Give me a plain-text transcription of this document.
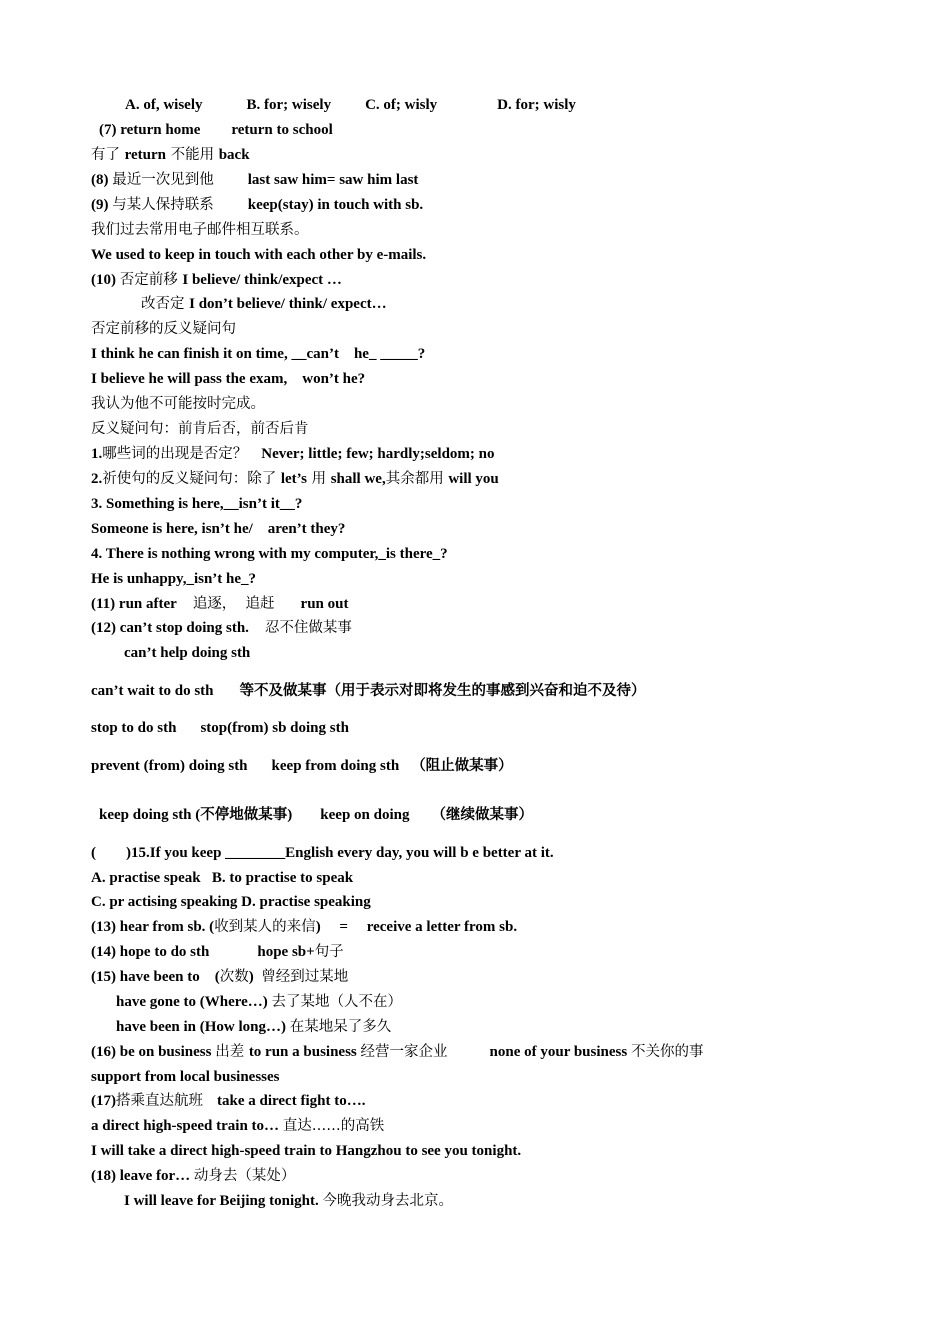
A. of, wisely	B. for; wisely C. of; wisly	D. for; wisly
(7) return home return to school
有了 return 不能用 back
(8) 最近一次见到他 last saw him= saw him last
(9) 与某人保持联系 keep(stay) in touch with sb.
我们过去常用电子邮件相互联系。
We used to keep in touch with each other by e-mails.
(10) 否定前移 I believe/ think/expect …
改否定 I don’t believe/ think/ expect…
否定前移的反义疑问句
I think he can finish it on time, __can’t    he_ _____?
I believe he will pass the exam,    won’t he?
我认为他不可能按时完成。
反义疑问句：前肯后否，前否后肯
1.哪些词的出现是否定？ Never; little; few; hardly;seldom; no
2.祈使句的反义疑问句：除了 let’s 用 shall we,其余都用 will you
3. Something is here,__isn’t it__?
Someone is here, isn’t he/    aren’t they?
4. There is nothing wrong with my computer,_is there_?
He is unhappy,_isn’t he_?
(11) run after 追逐，  追赶 run out
(12) can’t stop doing sth. 忍不住做某事
can’t help doing sth
can’t wait to do sth 等不及做某事（用于表示对即将发生的事感到兴奋和迫不及待）
stop to do sth stop(from) sb doing sth
prevent (from) doing sth keep from doing sth （阻止做某事）
keep doing sth (不停地做某事) keep on doing （继续做某事）
(        )15.If you keep ________English every day, you will b e better at it.
A. practise speak   B. to practise to speak
C. pr actising speaking D. practise speaking
(13) hear from sb. (收到某人的来信)     =     receive a letter from sb.
(14) hope to do sth	hope sb+句子
(15) have been to    (次数)  曾经到过某地
have gone to (Where…) 去了某地（人不在）
have been in (How long…) 在某地呆了多久
(16) be on business 出差 to run a business 经营一家企业	none of your business 不关你的事
support from local businesses
(17)搭乘直达航班 take a direct fight to….
a direct high-speed train to… 直达……的高铁
I will take a direct high-speed train to Hangzhou to see you tonight.
(18) leave for… 动身去（某处）
I will leave for Beijing tonight. 今晚我动身去北京。
